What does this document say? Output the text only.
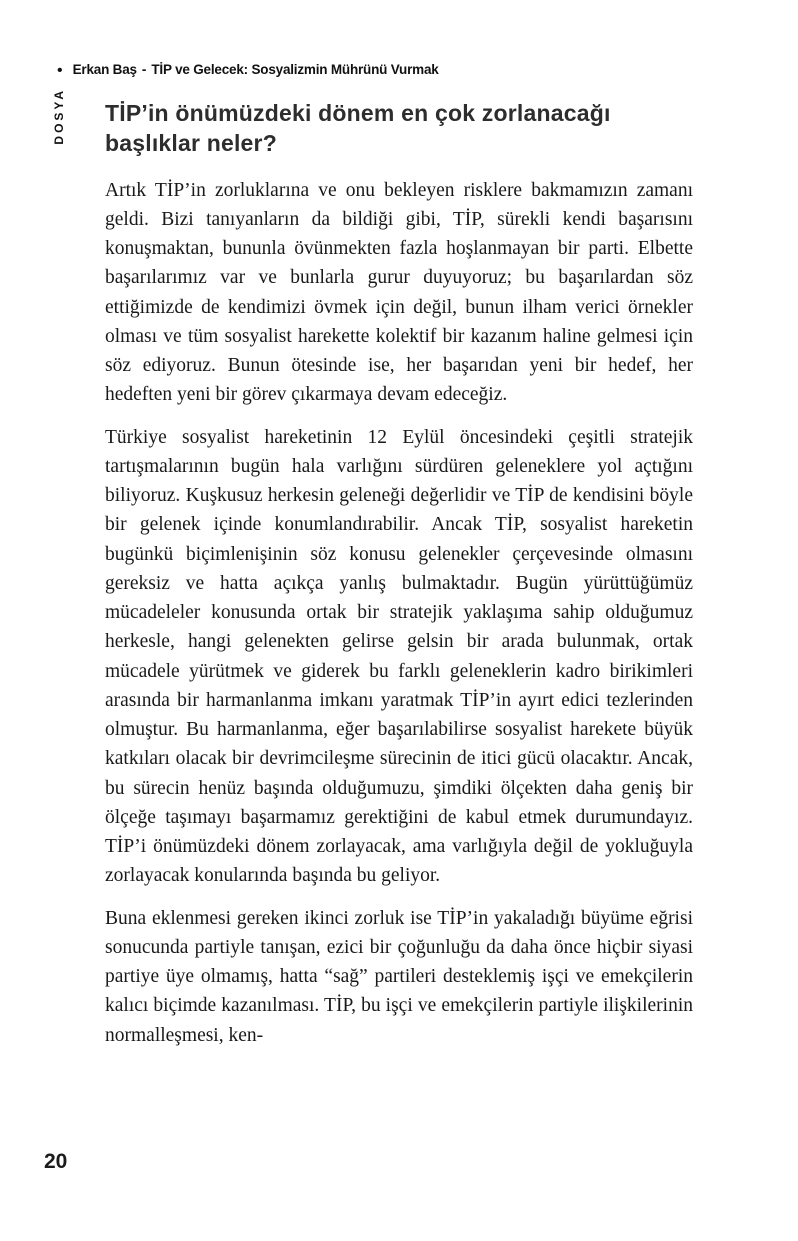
• Erkan Baş - TİP ve Gelecek: Sosyalizmin Mührünü Vurmak
DOSYA TİP’in önümüzdeki dönem en çok zorlanacağı başlıklar neler?

Artık TİP’in zorluklarına ve onu bekleyen risklere bakmamızın zamanı geldi. Bizi tanıyanların da bildiği gibi, TİP, sürekli kendi başarısını konuşmaktan, bununla övünmekten fazla hoşlanmayan bir parti. Elbette başarılarımız var ve bunlarla gurur duyuyoruz; bu başarılardan söz ettiğimizde de kendimizi övmek için değil, bunun ilham verici örnekler olması ve tüm sosyalist harekette kolektif bir kazanım haline gelmesi için söz ediyoruz. Bunun ötesinde ise, her başarıdan yeni bir hedef, her hedeften yeni bir görev çıkarmaya devam edeceğiz.

Türkiye sosyalist hareketinin 12 Eylül öncesindeki çeşitli stratejik tartışmalarının bugün hala varlığını sürdüren geleneklere yol açtığını biliyoruz. Kuşkusuz herkesin geleneği değerlidir ve TİP de kendisini böyle bir gelenek içinde konumlandırabilir. Ancak TİP, sosyalist hareketin bugünkü biçimlenişinin söz konusu gelenekler çerçevesinde olmasını gereksiz ve hatta açıkça yanlış bulmaktadır. Bugün yürüttüğümüz mücadeleler konusunda ortak bir stratejik yaklaşıma sahip olduğumuz herkesle, hangi gelenekten gelirse gelsin bir arada bulunmak, ortak mücadele yürütmek ve giderek bu farklı geleneklerin kadro birikimleri arasında bir harmanlanma imkanı yaratmak TİP’in ayırt edici tezlerinden olmuştur. Bu harmanlanma, eğer başarılabilirse sosyalist harekete büyük katkıları olacak bir devrimcileşme sürecinin de itici gücü olacaktır. Ancak, bu sürecin henüz başında olduğumuzu, şimdiki ölçekten daha geniş bir ölçeğe taşımayı başarmamız gerektiğini de kabul etmek durumundayız. TİP’i önümüzdeki dönem zorlayacak, ama varlığıyla değil de yokluğuyla zorlayacak konularında başında bu geliyor.

Buna eklenmesi gereken ikinci zorluk ise TİP’in yakaladığı büyüme eğrisi sonucunda partiyle tanışan, ezici bir çoğunluğu da daha önce hiçbir siyasi partiye üye olmamış, hatta “sağ” partileri desteklemiş işçi ve emekçilerin kalıcı biçimde kazanılması. TİP, bu işçi ve emekçilerin partiyle ilişkilerinin normalleşmesi, ken-

20
